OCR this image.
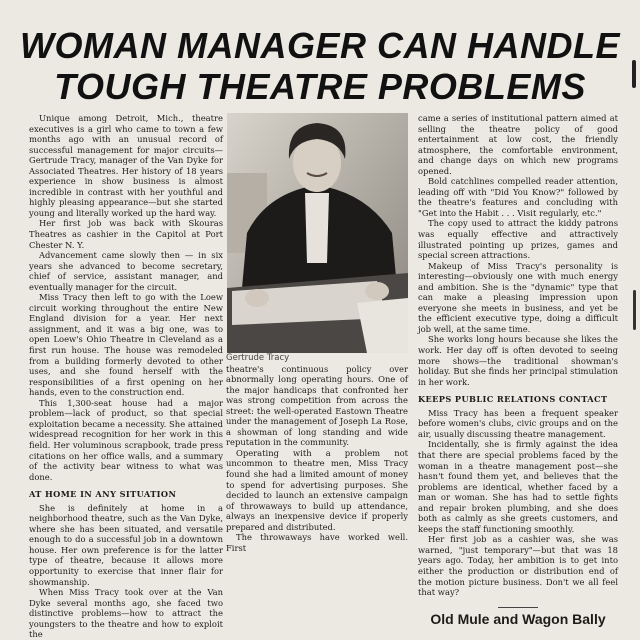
WOMAN MANAGER CAN HANDLE
TOUGH THEATRE PROBLEMS

Unique among Detroit, Mich., theatre executives is a girl who came to town a few months ago with an unusual record of successful management for major circuits—Gertrude Tracy, manager of the Van Dyke for Associated Theatres. Her history of 18 years experience in show business is almost incredible in contrast with her youthful and highly pleasing appearance—but she started young and literally worked up the hard way.

Her first job was back with Skouras Theatres as cashier in the Capitol at Port Chester N. Y.

Advancement came slowly then — in six years she advanced to become secretary, chief of service, assistant manager, and eventually manager for the circuit.

Miss Tracy then left to go with the Loew circuit working throughout the entire New England division for a year. Her next assignment, and it was a big one, was to open Loew's Ohio Theatre in Cleveland as a first run house. The house was remodeled from a building formerly devoted to other uses, and she found herself with the responsibilities of a first opening on her hands, even to the construction end.

This 1,300-seat house had a major problem—lack of product, so that special exploitation became a necessity. She attained widespread recognition for her work in this field. Her voluminous scrapbook, trade press citations on her office walls, and a summary of the activity bear witness to what was done.

AT HOME IN ANY SITUATION

She is definitely at home in a neighborhood theatre, such as the Van Dyke, where she has been situated, and versatile enough to do a successful job in a downtown house. Her own preference is for the latter type of theatre, because it allows more opportunity to exercise that inner flair for showmanship.

When Miss Tracy took over at the Van Dyke several months ago, she faced two distinctive problems—how to attract the youngsters to the theatre and how to exploit the

Gertrude Tracy

theatre's continuous policy over abnormally long operating hours. One of the major handicaps that confronted her was strong competition from across the street: the well-operated Eastown Theatre under the management of Joseph La Rose, a showman of long standing and wide reputation in the community.

Operating with a problem not uncommon to theatre men, Miss Tracy found she had a limited amount of money to spend for advertising purposes. She decided to launch an extensive campaign of throwaways to build up attendance, always an inexpensive device if properly prepared and distributed.

The throwaways have worked well. First

came a series of institutional pattern aimed at selling the theatre policy of good entertainment at low cost, the friendly atmosphere, the comfortable environment, and change days on which new programs opened.

Bold catchlines compelled reader attention, leading off with "Did You Know?" followed by the theatre's features and concluding with "Get into the Habit . . . Visit regularly, etc."

The copy used to attract the kiddy patrons was equally effective and attractively illustrated pointing up prizes, games and special screen attractions.

Makeup of Miss Tracy's personality is interesting—obviously one with much energy and ambition. She is the "dynamic" type that can make a pleasing impression upon everyone she meets in business, and yet be the efficient executive type, doing a difficult job well, at the same time.

She works long hours because she likes the work. Her day off is often devoted to seeing more shows—the traditional showman's holiday. But she finds her principal stimulation in her work.

KEEPS PUBLIC RELATIONS CONTACT

Miss Tracy has been a frequent speaker before women's clubs, civic groups and on the air, usually discussing theatre management.

Incidentally, she is firmly against the idea that there are special problems faced by the woman in a theatre management post—she hasn't found them yet, and believes that the problems are identical, whether faced by a man or woman. She has had to settle fights and repair broken plumbing, and she does both as calmly as she greets customers, and keeps the staff functioning smoothly.

Her first job as a cashier was, she was warned, "just temporary"—but that was 18 years ago. Today, her ambition is to get into either the production or distribution end of the motion picture business. Don't we all feel that way?

Old Mule and Wagon Bally
